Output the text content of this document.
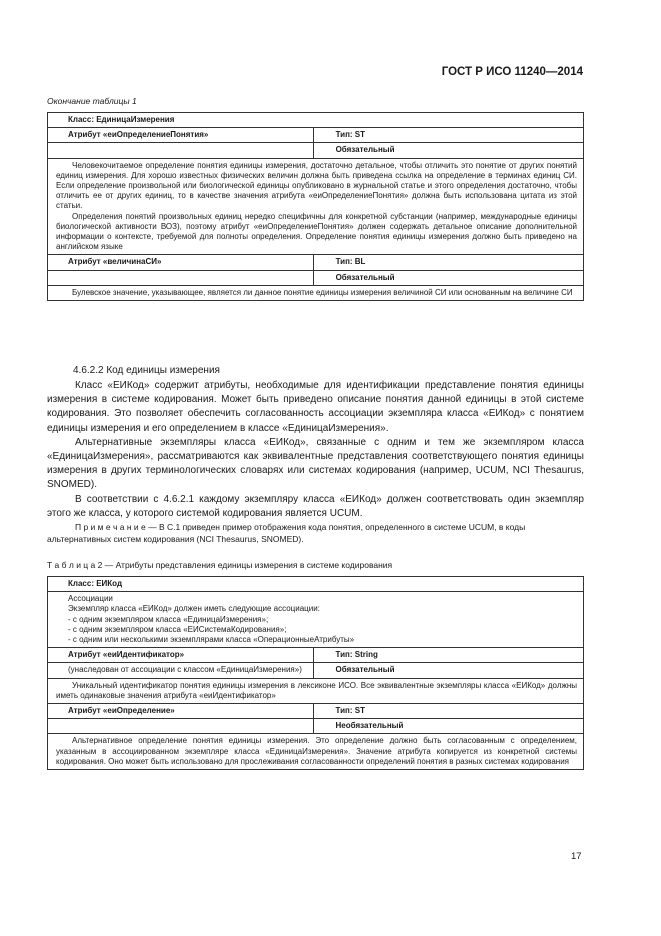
ГОСТ Р ИСО 11240—2014
Окончание таблицы 1
Класс: ЕдиницаИзмерения	
Атрибут «еиОпределениеПонятия»	Тип: ST
	Обязательный

Человекочитаемое определение понятия единицы измерения, достаточно детальное, чтобы отличить это понятие от других понятий единиц измерения. Для хорошо известных физических величин должна быть приведена ссылка на определение в терминах единиц СИ. Если определение произвольной или биологической единицы опубликовано в журнальной статье и этого определения достаточно, чтобы отличить ее от других единиц, то в качестве значения атрибута «еиОпределениеПонятия» должна быть использована цитата из этой статьи.

Определения понятий произвольных единиц нередко специфичны для конкретной субстанции (например, международные единицы биологической активности ВОЗ), поэтому атрибут «еиОпределениеПонятия» должен содержать детальное описание дополнительной информации о контексте, требуемой для полноты определения. Определение понятия единицы измерения должно быть приведено на английском языке	

Атрибут «величинаСИ»	Тип: BL
	Обязательный

Булевское значение, указывающее, является ли данное понятие единицы измерения величиной СИ или основанным на величине СИ	

4.6.2.2 Код единицы измерения

Класс «ЕИКод» содержит атрибуты, необходимые для идентификации представление понятия единицы измерения в системе кодирования. Может быть приведено описание понятия данной единицы в этой системе кодирования. Это позволяет обеспечить согласованность ассоциации экземпляра класса «ЕИКод» с понятием единицы измерения и его определением в классе «ЕдиницаИзмерения».

Альтернативные экземпляры класса «ЕИКод», связанные с одним и тем же экземпляром класса «ЕдиницаИзмерения», рассматриваются как эквивалентные представления соответствующего понятия единицы измерения в других терминологических словарях или системах кодирования (например, UCUM, NCI Thesaurus, SNOMED).

В соответствии с 4.6.2.1 каждому экземпляру класса «ЕИКод» должен соответствовать один экземпляр этого же класса, у которого системой кодирования является UCUM.

П р и м е ч а н и е — В С.1 приведен пример отображения кода понятия, определенного в системе UCUM, в коды альтернативных систем кодирования (NCI Thesaurus, SNOMED).

Т а б л и ц а 2 — Атрибуты представления единицы измерения в системе кодирования
Класс: ЕИКод	

Ассоциации
Экземпляр класса «ЕИКод» должен иметь следующие ассоциации:
- с одним экземпляром класса «ЕдиницаИзмерения»;
- с одним экземпляром класса «ЕИСистемаКодирования»;
- с одним или несколькими экземплярами класса «ОперационныеАтрибуты»	

Атрибут «еиИдентификатор»	Тип: String
(унаследован от ассоциации с классом «ЕдиницаИзмерения»)	Обязательный

Уникальный идентификатор понятия единицы измерения в лексиконе ИСО. Все эквивалентные экземпляры класса «ЕИКод» должны иметь одинаковые значения атрибута «еиИдентификатор»	

Атрибут «еиОпределение»	Тип: ST
	Необязательный

Альтернативное определение понятия единицы измерения. Это определение должно быть согласованным с определением, указанным в ассоциированном экземпляре класса «ЕдиницаИзмерения». Значение атрибута копируется из конкретной системы кодирования. Оно может быть использовано для прослеживания согласованности определений понятия в разных системах кодирования	

17
